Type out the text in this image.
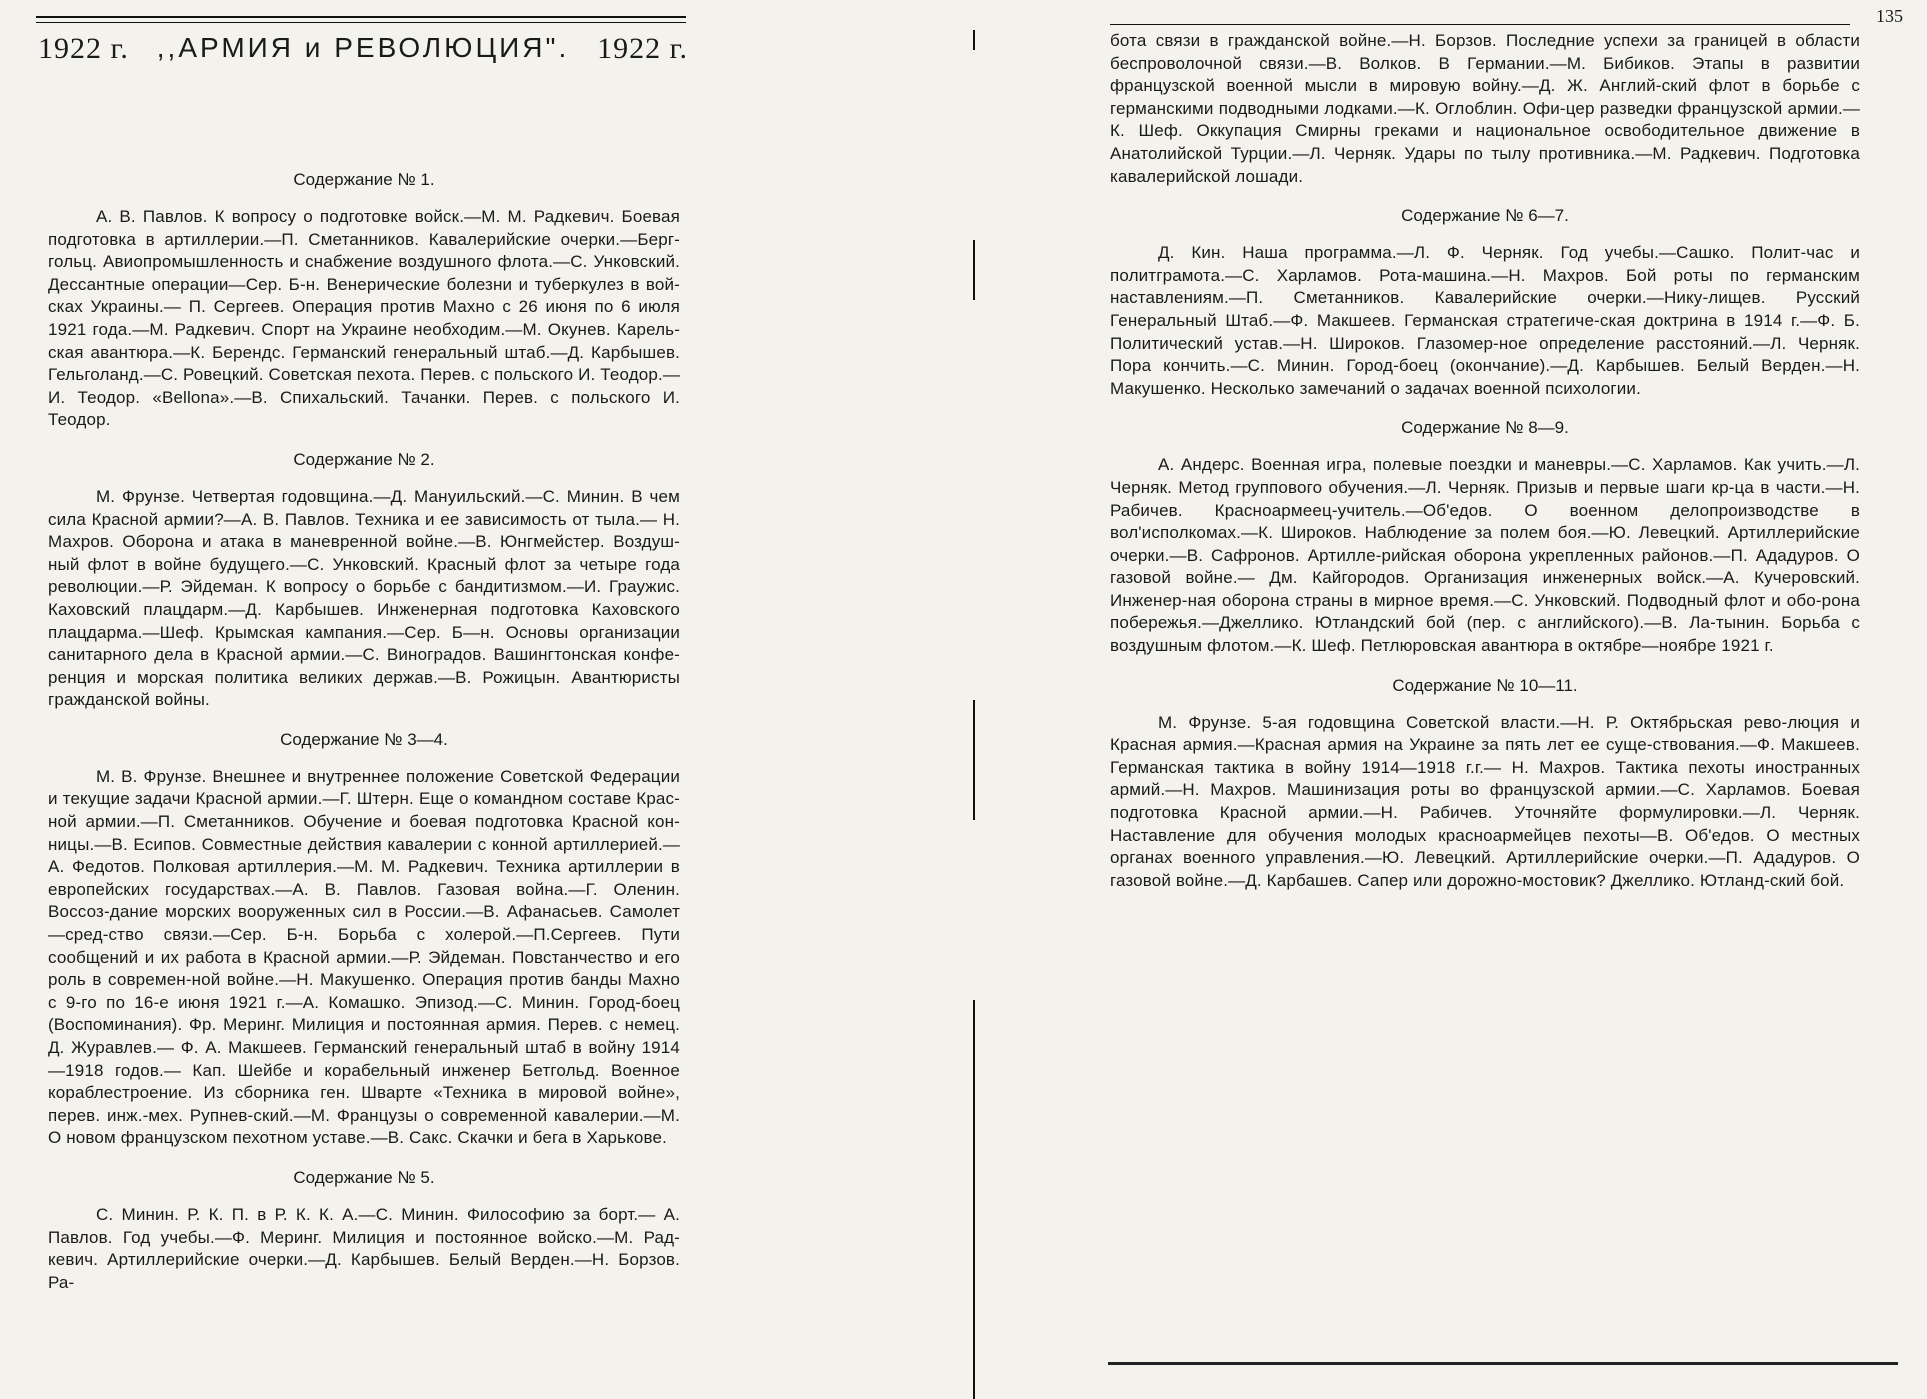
1922 г. ,,АРМИЯ и РЕВОЛЮЦИЯ". 1922 г.
Содержание № 1.

А. В. Павлов. К вопросу о подготовке войск.—М. М. Радкевич. Боевая подготовка в артиллерии.—П. Сметанников. Кавалерийские очерки.—Берг-гольц. Авиопромышленность и снабжение воздушного флота.—С. Унковский. Дессантные операции—Сер. Б-н. Венерические болезни и туберкулез в вой-сках Украины.— П. Сергеев. Операция против Махно с 26 июня по 6 июля 1921 года.—М. Радкевич. Спорт на Украине необходим.—М. Окунев. Карель-ская авантюра.—К. Берендс. Германский генеральный штаб.—Д. Карбышев. Гельголанд.—С. Ровецкий. Советская пехота. Перев. с польского И. Теодор.— И. Теодор. «Bellona».—В. Спихальский. Тачанки. Перев. с польского И. Теодор.

Содержание № 2.

М. Фрунзе. Четвертая годовщина.—Д. Мануильский.—С. Минин. В чем сила Красной армии?—А. В. Павлов. Техника и ее зависимость от тыла.— Н. Махров. Оборона и атака в маневренной войне.—В. Юнгмейстер. Воздуш-ный флот в войне будущего.—С. Унковский. Красный флот за четыре года революции.—Р. Эйдеман. К вопросу о борьбе с бандитизмом.—И. Граужис. Каховский плацдарм.—Д. Карбышев. Инженерная подготовка Каховского плацдарма.—Шеф. Крымская кампания.—Сер. Б—н. Основы организации санитарного дела в Красной армии.—С. Виноградов. Вашингтонская конфе-ренция и морская политика великих держав.—В. Рожицын. Авантюристы гражданской войны.

Содержание № 3—4.

М. В. Фрунзе. Внешнее и внутреннее положение Советской Федерации и текущие задачи Красной армии.—Г. Штерн. Еще о командном составе Крас-ной армии.—П. Сметанников. Обучение и боевая подготовка Красной кон-ницы.—В. Есипов. Совместные действия кавалерии с конной артиллерией.— А. Федотов. Полковая артиллерия.—М. М. Радкевич. Техника артиллерии в европейских государствах.—А. В. Павлов. Газовая война.—Г. Оленин. Воссоз-дание морских вооруженных сил в России.—В. Афанасьев. Самолет—сред-ство связи.—Сер. Б-н. Борьба с холерой.—П.Сергеев. Пути сообщений и их работа в Красной армии.—Р. Эйдеман. Повстанчество и его роль в современ-ной войне.—Н. Макушенко. Операция против банды Махно с 9-го по 16-е июня 1921 г.—А. Комашко. Эпизод.—С. Минин. Город-боец (Воспоминания). Фр. Меринг. Милиция и постоянная армия. Перев. с немец. Д. Журавлев.— Ф. А. Макшеев. Германский генеральный штаб в войну 1914—1918 годов.— Кап. Шейбе и корабельный инженер Бетгольд. Военное кораблестроение. Из сборника ген. Шварте «Техника в мировой войне», перев. инж.-мех. Рупнев-ский.—М. Французы о современной кавалерии.—М. О новом французском пехотном уставе.—В. Сакс. Скачки и бега в Харькове.

Содержание № 5.

С. Минин. Р. К. П. в Р. К. К. А.—С. Минин. Философию за борт.— А. Павлов. Год учебы.—Ф. Меринг. Милиция и постоянное войско.—М. Рад-кевич. Артиллерийские очерки.—Д. Карбышев. Белый Верден.—Н. Борзов. Ра-

135

бота связи в гражданской войне.—Н. Борзов. Последние успехи за границей в области беспроволочной связи.—В. Волков. В Германии.—М. Бибиков. Этапы в развитии французской военной мысли в мировую войну.—Д. Ж. Англий-ский флот в борьбе с германскими подводными лодками.—К. Оглоблин. Офи-цер разведки французской армии.—К. Шеф. Оккупация Смирны греками и национальное освободительное движение в Анатолийской Турции.—Л. Черняк. Удары по тылу противника.—М. Радкевич. Подготовка кавалерийской лошади.

Содержание № 6—7.

Д. Кин. Наша программа.—Л. Ф. Черняк. Год учебы.—Сашко. Полит-час и политграмота.—С. Харламов. Рота-машина.—Н. Махров. Бой роты по германским наставлениям.—П. Сметанников. Кавалерийские очерки.—Нику-лищев. Русский Генеральный Штаб.—Ф. Макшеев. Германская стратегиче-ская доктрина в 1914 г.—Ф. Б. Политический устав.—Н. Широков. Глазомер-ное определение расстояний.—Л. Черняк. Пора кончить.—С. Минин. Город-боец (окончание).—Д. Карбышев. Белый Верден.—Н. Макушенко. Несколько замечаний о задачах военной психологии.

Содержание № 8—9.

А. Андерс. Военная игра, полевые поездки и маневры.—С. Харламов. Как учить.—Л. Черняк. Метод группового обучения.—Л. Черняк. Призыв и первые шаги кр-ца в части.—Н. Рабичев. Красноармеец-учитель.—Об'едов. О военном делопроизводстве в вол'исполкомах.—К. Широков. Наблюдение за полем боя.—Ю. Левецкий. Артиллерийские очерки.—В. Сафронов. Артилле-рийская оборона укрепленных районов.—П. Ададуров. О газовой войне.— Дм. Кайгородов. Организация инженерных войск.—А. Кучеровский. Инженер-ная оборона страны в мирное время.—С. Унковский. Подводный флот и обо-рона побережья.—Джеллико. Ютландский бой (пер. с английского).—В. Ла-тынин. Борьба с воздушным флотом.—К. Шеф. Петлюровская авантюра в октябре—ноябре 1921 г.

Содержание № 10—11.

М. Фрунзе. 5-ая годовщина Советской власти.—Н. Р. Октябрьская рево-люция и Красная армия.—Красная армия на Украине за пять лет ее суще-ствования.—Ф. Макшеев. Германская тактика в войну 1914—1918 г.г.— Н. Махров. Тактика пехоты иностранных армий.—Н. Махров. Машинизация роты во французской армии.—С. Харламов. Боевая подготовка Красной армии.—Н. Рабичев. Уточняйте формулировки.—Л. Черняк. Наставление для обучения молодых красноармейцев пехоты—В. Об'едов. О местных органах военного управления.—Ю. Левецкий. Артиллерийские очерки.—П. Ададуров. О газовой войне.—Д. Карбашев. Сапер или дорожно-мостовик? Джеллико. Ютланд-ский бой.
